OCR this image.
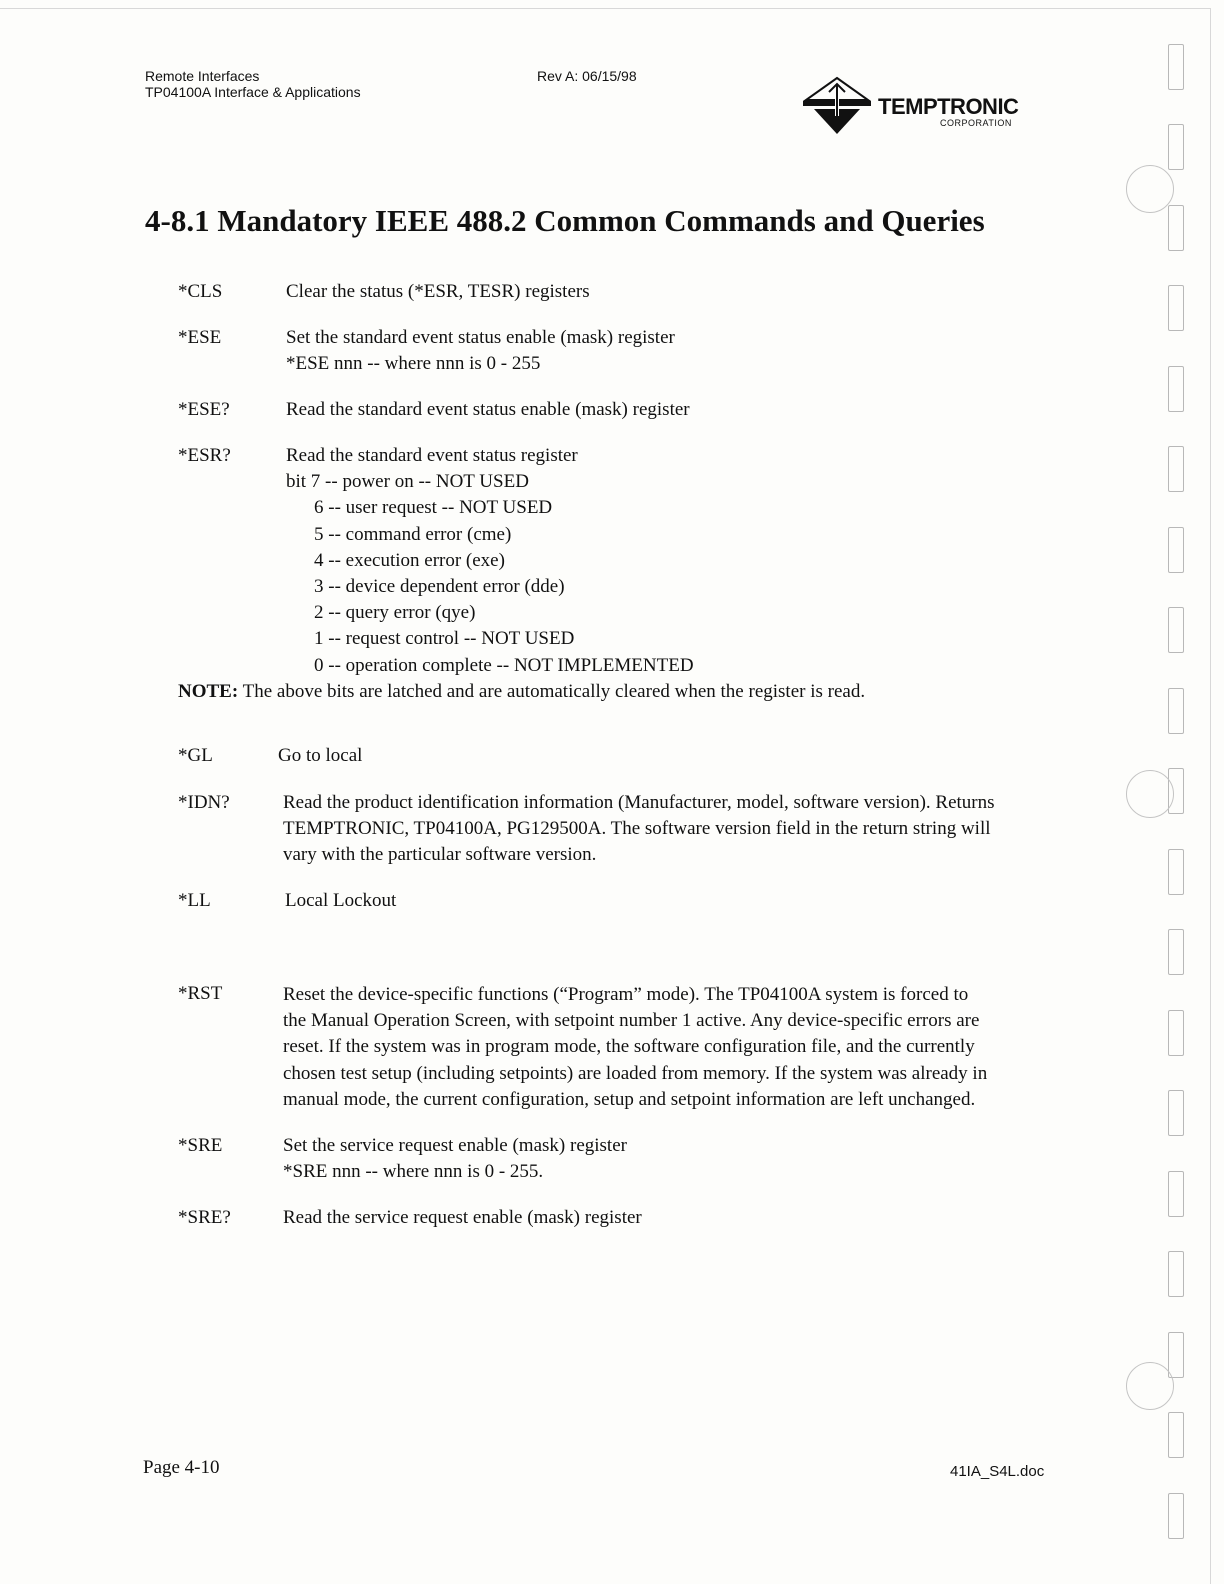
Remote Interfaces
TP04100A Interface & Applications
Rev A: 06/15/98
TEMPTRONIC
CORPORATION
4-8.1 Mandatory IEEE 488.2 Common Commands and Queries
*CLS	Clear the status (*ESR, TESR) registers
*ESE	Set the standard event status enable (mask) register
*ESE nnn -- where nnn is 0 - 255
*ESE?	Read the standard event status enable (mask) register
*ESR?	Read the standard event status register
bit 7 -- power on -- NOT USED
6 -- user request -- NOT USED
5 -- command error (cme)
4 -- execution error (exe)
3 -- device dependent error (dde)
2 -- query error (qye)
1 -- request control -- NOT USED
0 -- operation complete -- NOT IMPLEMENTED
NOTE: The above bits are latched and are automatically cleared when the register is read.
*GL	Go to local
*IDN?	Read the product identification information (Manufacturer, model, software version). Returns
TEMPTRONIC, TP04100A, PG129500A. The software version field in the return string will
vary with the particular software version.
*LL	Local Lockout
*RST	Reset the device-specific functions (“Program” mode). The TP04100A system is forced to
the Manual Operation Screen, with setpoint number 1 active. Any device-specific errors are
reset. If the system was in program mode, the software configuration file, and the currently
chosen test setup (including setpoints) are loaded from memory. If the system was already in
manual mode, the current configuration, setup and setpoint information are left unchanged.
*SRE	Set the service request enable (mask) register
*SRE nnn -- where nnn is 0 - 255.
*SRE?	Read the service request enable (mask) register
Page 4-10	41IA_S4L.doc
